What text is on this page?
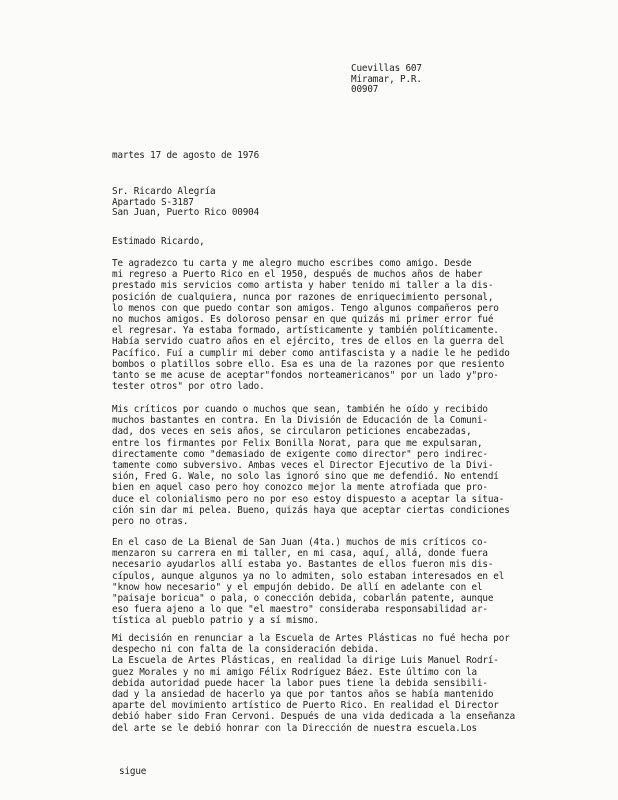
Cuevillas 607

Miramar, P.R.

00907

martes 17 de agosto de 1976

Sr. Ricardo Alegría

Apartado S-3187

San Juan, Puerto Rico 00904

Estimado Ricardo,

Te agradezco tu carta y me alegro mucho escribes como amigo. Desde

mi regreso a Puerto Rico en el 1950, después de muchos años de haber

prestado mis servicios como artista y haber tenido mi taller a la dis-

posición de cualquiera, nunca por razones de enriquecimiento personal,

lo menos con que puedo contar son amigos. Tengo algunos compañeros pero

no muchos amigos. Es doloroso pensar en que quizás mi primer error fué

el regresar. Ya estaba formado, artísticamente y también políticamente.

Había servido cuatro años en el ejército, tres de ellos en la guerra del

Pacífico. Fuí a cumplir mi deber como antifascista y a nadie le he pedido

bombos o platillos sobre ello. Esa es una de la razones por que resiento

tanto se me acuse de aceptar"fondos norteamericanos" por un lado y"pro-

tester otros" por otro lado.

Mis críticos por cuando o muchos que sean, también he oído y recibido

muchos bastantes en contra. En la División de Educación de la Comuni-

dad, dos veces en seis años, se circularon peticiones encabezadas,

entre los firmantes por Felix Bonilla Norat, para que me expulsaran,

directamente como "demasiado de exigente como director" pero indirec-

tamente como subversivo. Ambas veces el Director Ejecutivo de la Divi-

sión, Fred G. Wale, no solo las ignoró sino que me defendió. No entendí

bien en aquel caso pero hoy conozco mejor la mente atrofiada que pro-

duce el colonialismo pero no por eso estoy dispuesto a aceptar la situa-

ción sin dar mi pelea. Bueno, quizás haya que aceptar ciertas condiciones

pero no otras.

En el caso de La Bienal de San Juan (4ta.) muchos de mis críticos co-

menzaron su carrera en mi taller, en mi casa, aquí, allá, donde fuera

necesario ayudarlos allí estaba yo. Bastantes de ellos fueron mis dis-

cípulos, aunque algunos ya no lo admiten, solo estaban interesados en el

"know how necesario" y el empujón debido. De allí en adelante con el

"paisaje boricua" o pala, o conección debida, cobarlán patente, aunque

eso fuera ajeno a lo que "el maestro" consideraba responsabilidad ar-

tística al pueblo patrio y a sí mismo.

Mi decisión en renunciar a la Escuela de Artes Plásticas no fué hecha por

despecho ni con falta de la consideración debida.

La Escuela de Artes Plásticas, en realidad la dirige Luis Manuel Rodrí-

guez Morales y no mi amigo Félix Rodríguez Báez. Este último con la

debida autoridad puede hacer la labor pues tiene la debida sensibili-

dad y la ansiedad de hacerlo ya que por tantos años se había mantenido

aparte del movimiento artístico de Puerto Rico. En realidad el Director

debió haber sido Fran Cervoni. Después de una vida dedicada a la enseñanza

del arte se le debió honrar con la Dirección de nuestra escuela.Los

sigue
